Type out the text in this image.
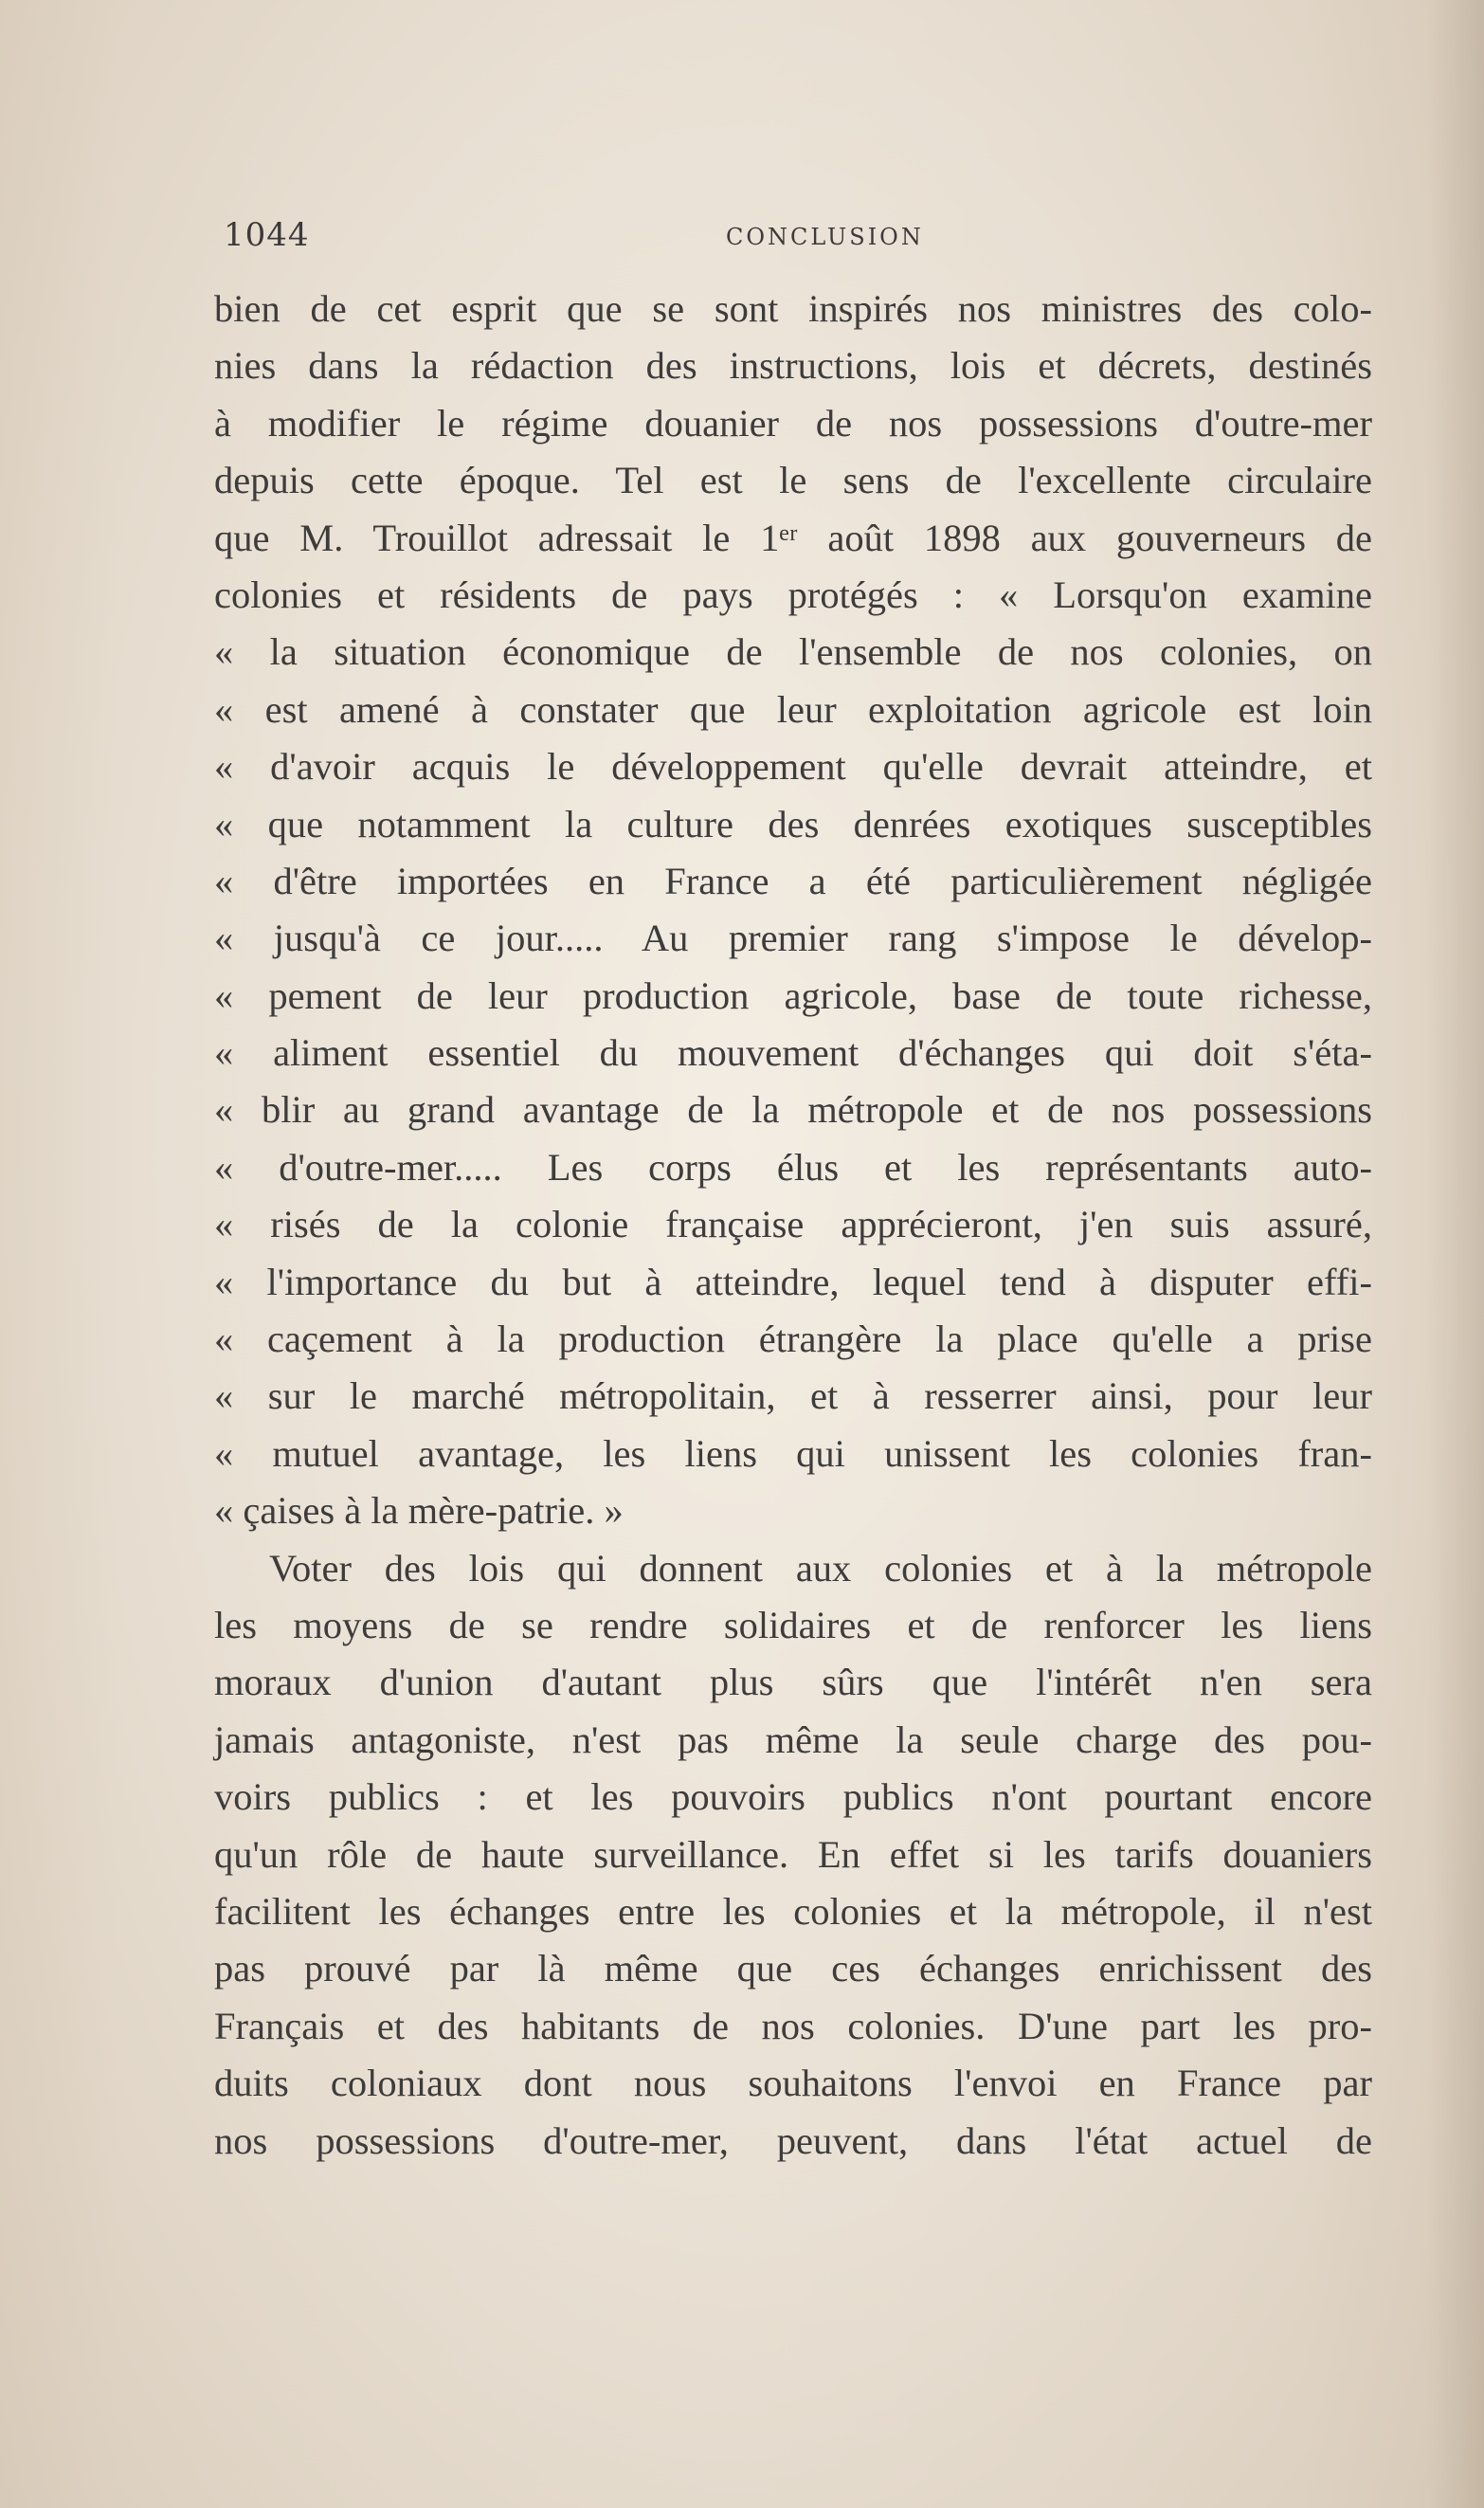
1044	CONCLUSION
bien de cet esprit que se sont inspirés nos ministres des colo-
nies dans la rédaction des instructions, lois et décrets, destinés
à modifier le régime douanier de nos possessions d'outre-mer
depuis cette époque. Tel est le sens de l'excellente circulaire
que M. Trouillot adressait le 1ᵉʳ août 1898 aux gouverneurs de
colonies et résidents de pays protégés : « Lorsqu'on examine
« la situation économique de l'ensemble de nos colonies, on
« est amené à constater que leur exploitation agricole est loin
« d'avoir acquis le développement qu'elle devrait atteindre, et
« que notamment la culture des denrées exotiques susceptibles
« d'être importées en France a été particulièrement négligée
« jusqu'à ce jour..... Au premier rang s'impose le dévelop-
« pement de leur production agricole, base de toute richesse,
« aliment essentiel du mouvement d'échanges qui doit s'éta-
« blir au grand avantage de la métropole et de nos possessions
« d'outre-mer..... Les corps élus et les représentants auto-
« risés de la colonie française apprécieront, j'en suis assuré,
« l'importance du but à atteindre, lequel tend à disputer effi-
« caçement à la production étrangère la place qu'elle a prise
« sur le marché métropolitain, et à resserrer ainsi, pour leur
« mutuel avantage, les liens qui unissent les colonies fran-
« çaises à la mère-patrie. »
Voter des lois qui donnent aux colonies et à la métropole
les moyens de se rendre solidaires et de renforcer les liens
moraux d'union d'autant plus sûrs que l'intérêt n'en sera
jamais antagoniste, n'est pas même la seule charge des pou-
voirs publics : et les pouvoirs publics n'ont pourtant encore
qu'un rôle de haute surveillance. En effet si les tarifs douaniers
facilitent les échanges entre les colonies et la métropole, il n'est
pas prouvé par là même que ces échanges enrichissent des
Français et des habitants de nos colonies. D'une part les pro-
duits coloniaux dont nous souhaitons l'envoi en France par
nos possessions d'outre-mer, peuvent, dans l'état actuel de
